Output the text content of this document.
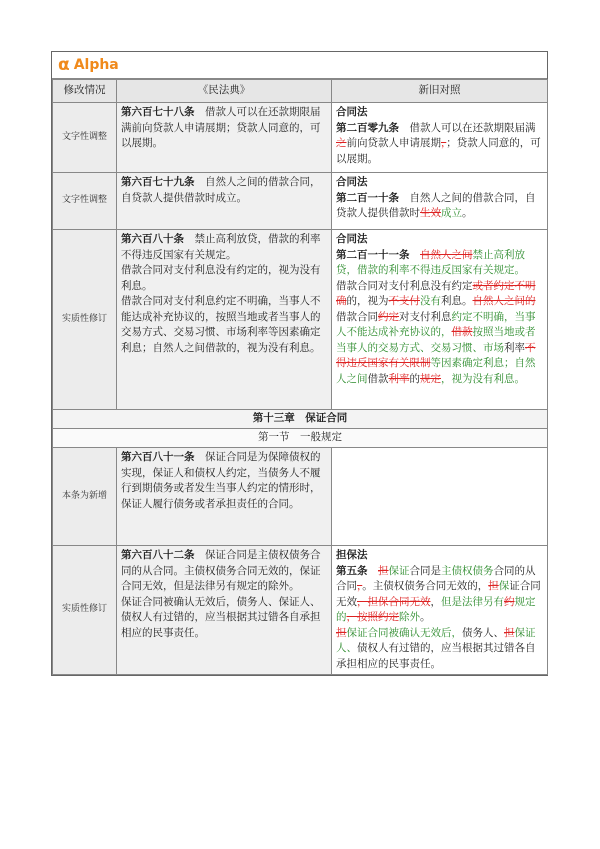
α Alpha
修改情况	《民法典》	新旧对照
文字性调整	第六百七十八条　 借款人可以在还款期限届满前向贷款人申请展期；贷款人同意的，可以展期。	合同法
第二百零九条　 借款人可以在还款期限届满之前向贷款人申请展期，；贷款人同意的，可以展期。
文字性调整	第六百七十九条　 自然人之间的借款合同，自贷款人提供借款时成立。	合同法
第二百一十条　 自然人之间的借款合同，自贷款人提供借款时生效成立。
实质性修订	第六百八十条　 禁止高利放贷，借款的利率不得违反国家有关规定。
借款合同对支付利息没有约定的，视为没有利息。
借款合同对支付利息约定不明确，当事人不能达成补充协议的，按照当地或者当事人的交易方式、交易习惯、市场利率等因素确定利息；自然人之间借款的，视为没有利息。	合同法
第二百一十一条　 自然人之间禁止高利放贷，借款的利率不得违反国家有关规定。
借款合同对支付利息没有约定或者约定不明确的，视为不支付没有利息。自然人之间的
借款合同约定对支付利息约定不明确，当事人不能达成补充协议的，借款按照当地或者当事人的交易方式、交易习惯、市场利率不得违反国家有关限制等因素确定利息；自然人之间借款利率的规定，视为没有利息。

第十三章　保证合同		
第一节　一般规定		
本条为新增	第六百八十一条　 保证合同是为保障债权的实现，保证人和债权人约定，当债务人不履行到期债务或者发生当事人约定的情形时，保证人履行债务或者承担责任的合同。	
实质性修订	第六百八十二条　 保证合同是主债权债务合同的从合同。主债权债务合同无效的，保证合同无效，但是法律另有规定的除外。
保证合同被确认无效后，债务人、保证人、债权人有过错的，应当根据其过错各自承担相应的民事责任。	担保法
第五条　 担保证合同是主债权债务合同的从合同，。主债权债务合同无效的，担保证合同无效，担保合同无效，但是法律另有约规定的，按照约定除外。
担保证合同被确认无效后，债务人、担保证人、债权人有过错的，应当根据其过错各自承担相应的民事责任。
